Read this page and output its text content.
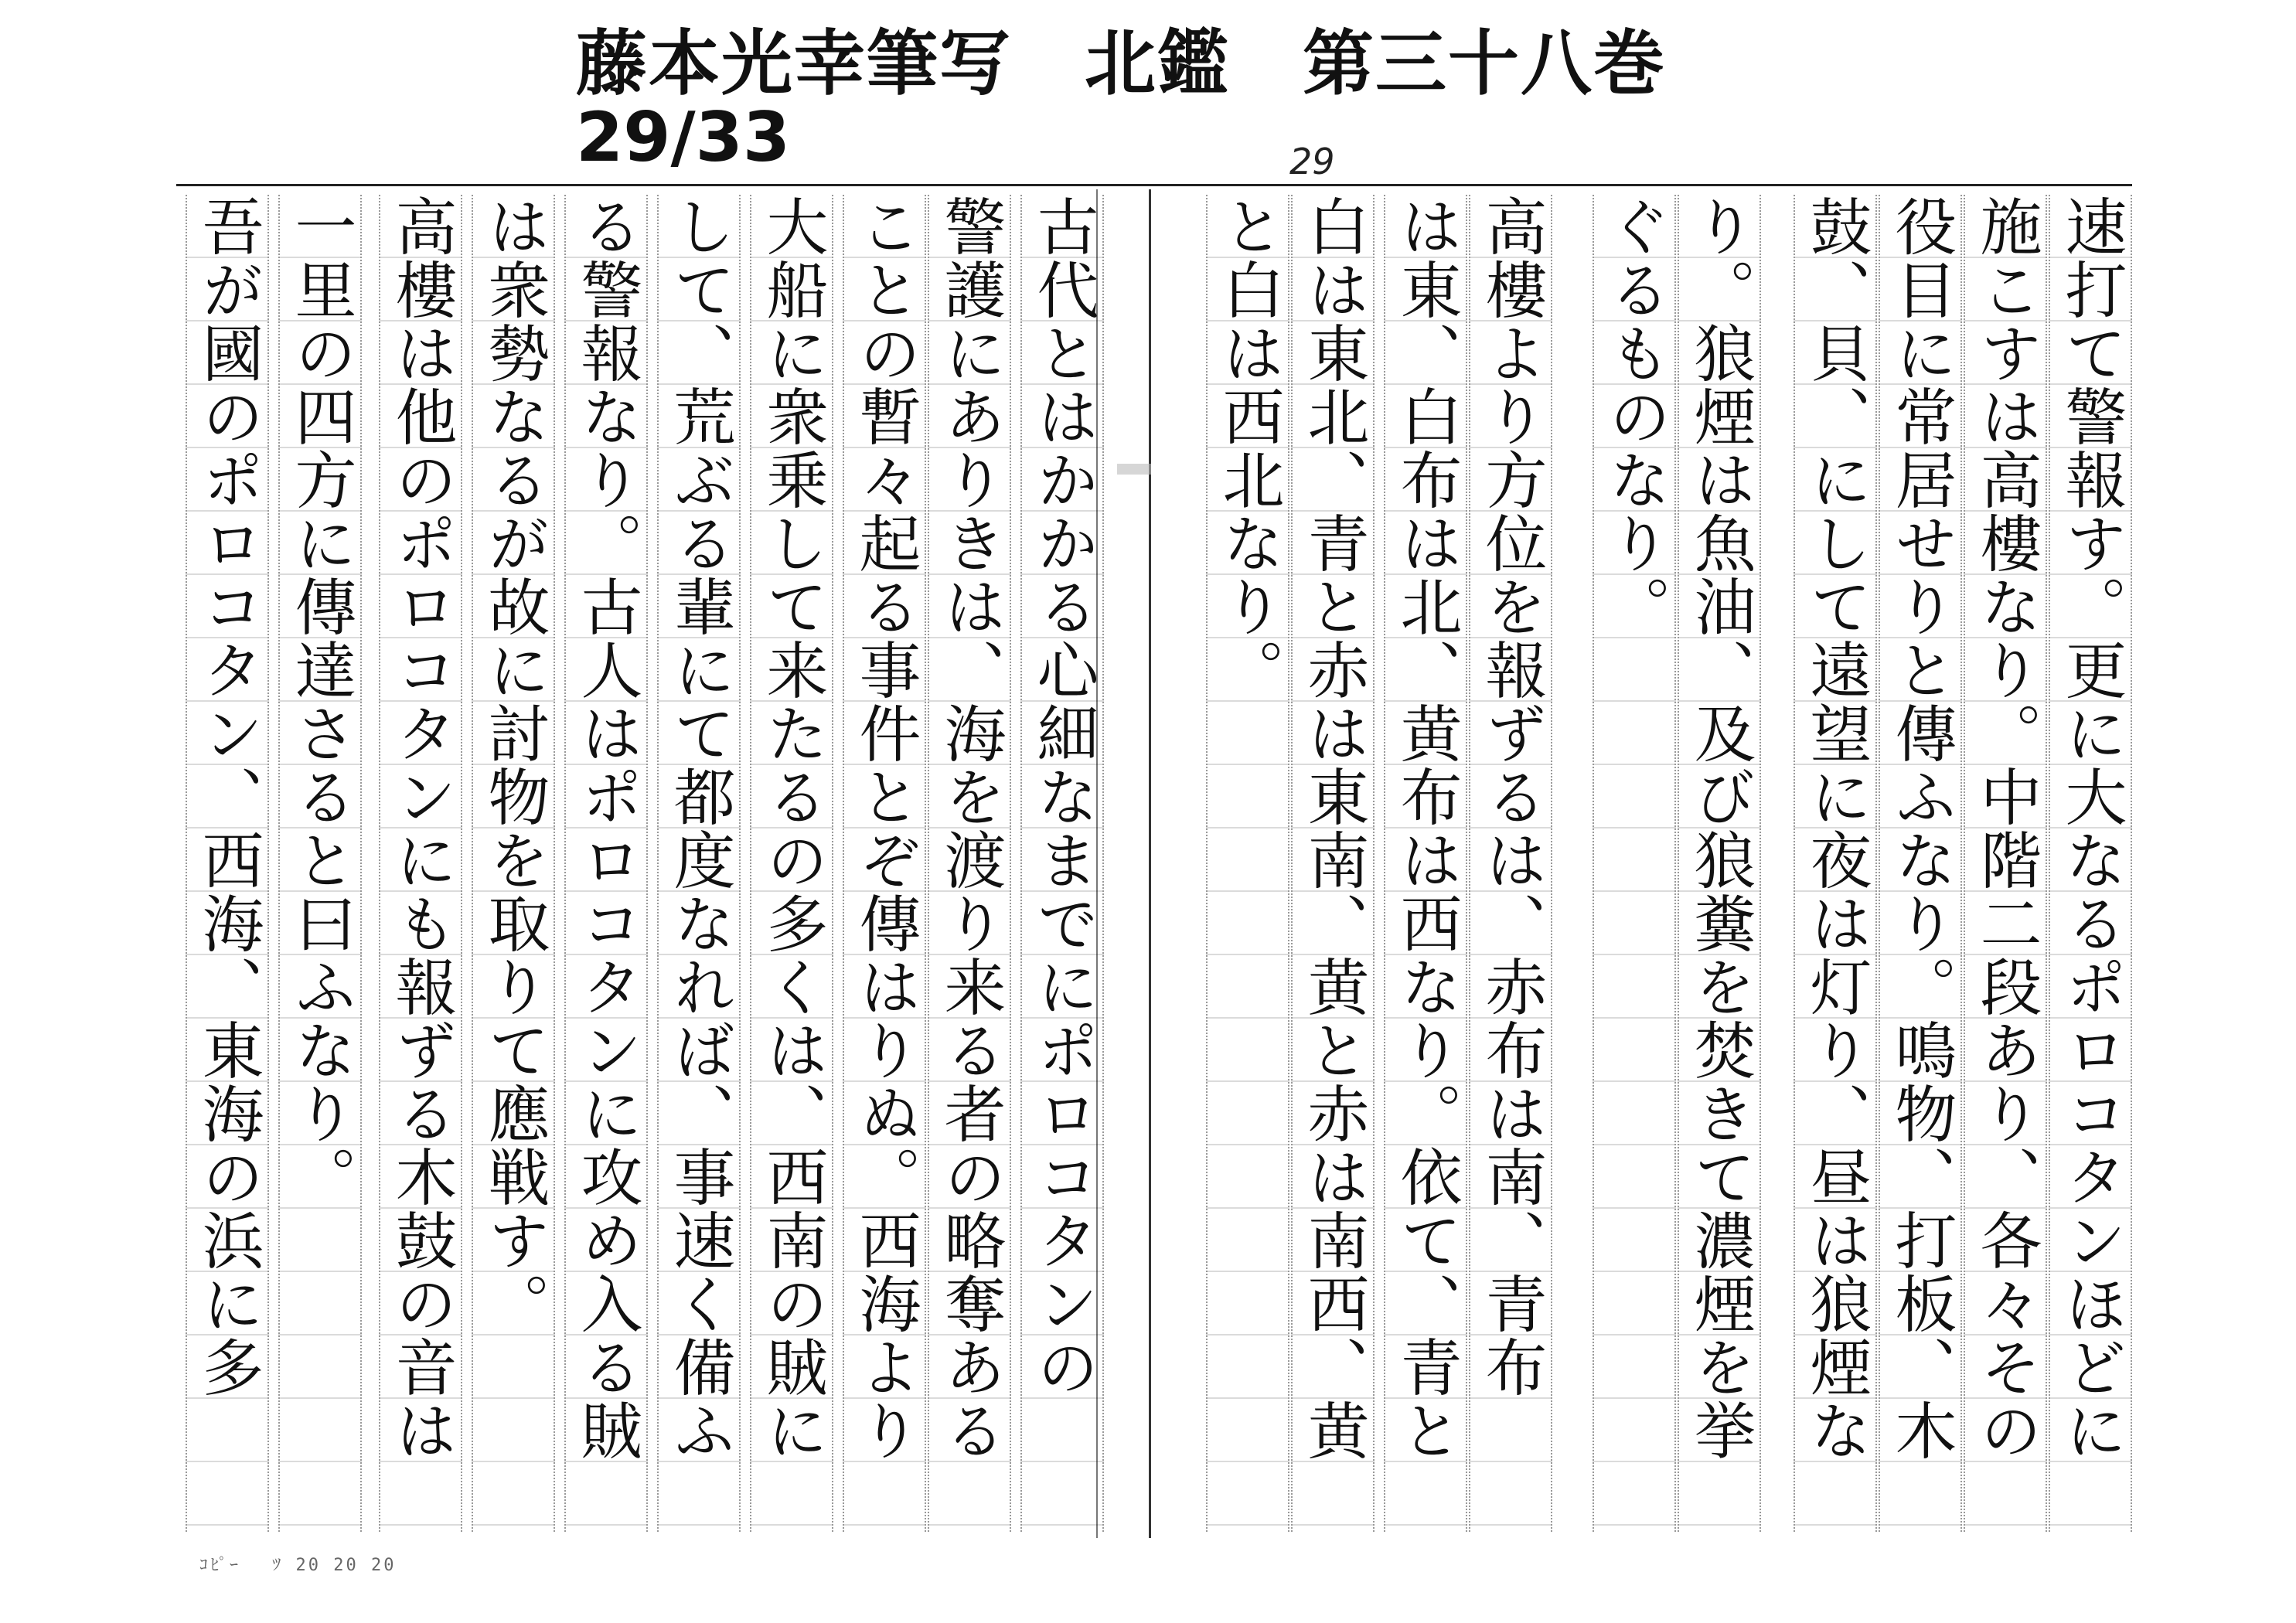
藤本光幸筆写　北鑑　第三十八巻
29/33	29
速打て警報す。更に大なるポロコタンほどに
施こすは高樓なり。中階二段あり、各々その
役目に常居せりと傳ふなり。鳴物、打板、木
鼓、貝、にして遠望に夜は灯り、昼は狼煙な
り。狼煙は魚油、及び狼糞を焚きて濃煙を挙
ぐるものなり。
高樓より方位を報ずるは、赤布は南、青布
は東、白布は北、黄布は西なり。依て、青と
白は東北、青と赤は東南、黄と赤は南西、黄
と白は西北なり。
古代とはかかる心細なまでにポロコタンの
警護にありきは、海を渡り来る者の略奪ある
ことの暫々起る事件とぞ傳はりぬ。西海より
大船に衆乗して来たるの多くは、西南の賊に
して、荒ぶる輩にて都度なれば、事速く備ふ
る警報なり。古人はポロコタンに攻め入る賊
は衆勢なるが故に討物を取りて應戦す。
高樓は他のポロコタンにも報ずる木鼓の音は
一里の四方に傳達さると曰ふなり。
吾が國のポロコタン、西海、東海の浜に多
ｺﾋﾟｰ 　ﾂ 20 20 20
